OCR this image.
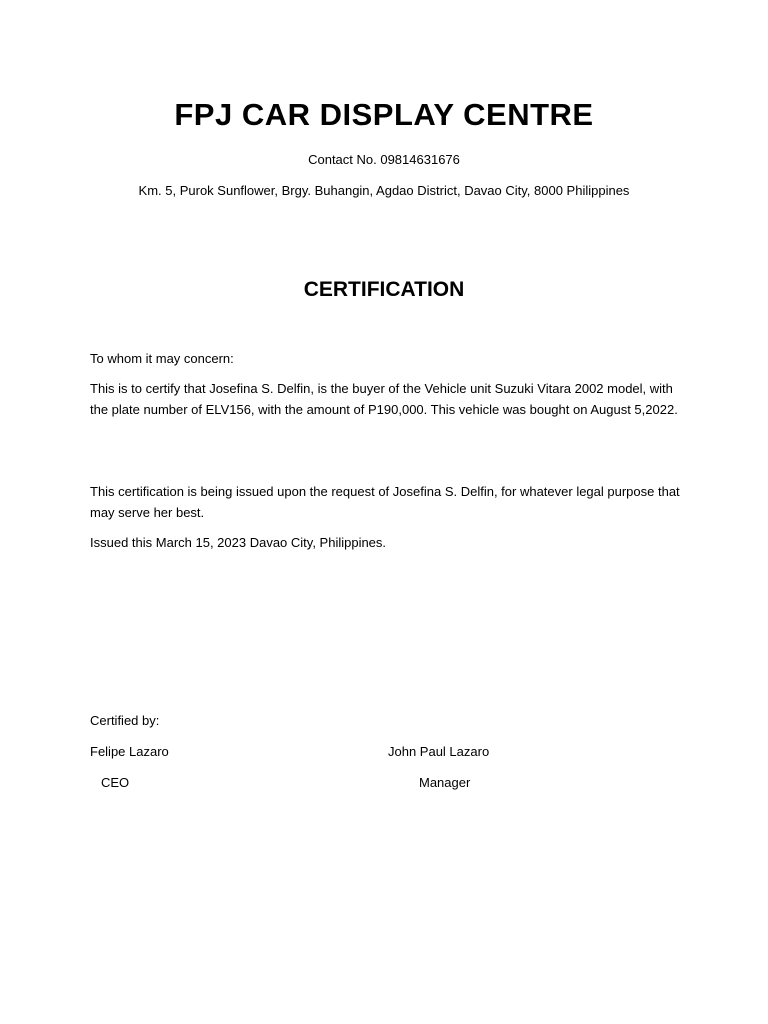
FPJ CAR DISPLAY CENTRE
Contact No. 09814631676
Km. 5, Purok Sunflower, Brgy. Buhangin, Agdao District, Davao City, 8000 Philippines
CERTIFICATION
To whom it may concern:
This is to certify that Josefina S. Delfin, is the buyer of the Vehicle unit Suzuki Vitara 2002 model, with the plate number of ELV156, with the amount of P190,000. This vehicle was bought on August 5,2022.
This certification is being issued upon the request of Josefina S. Delfin, for whatever legal purpose that may serve her best.
Issued this March 15, 2023 Davao City, Philippines.
Certified by:
Felipe Lazaro	John Paul Lazaro
CEO	Manager
